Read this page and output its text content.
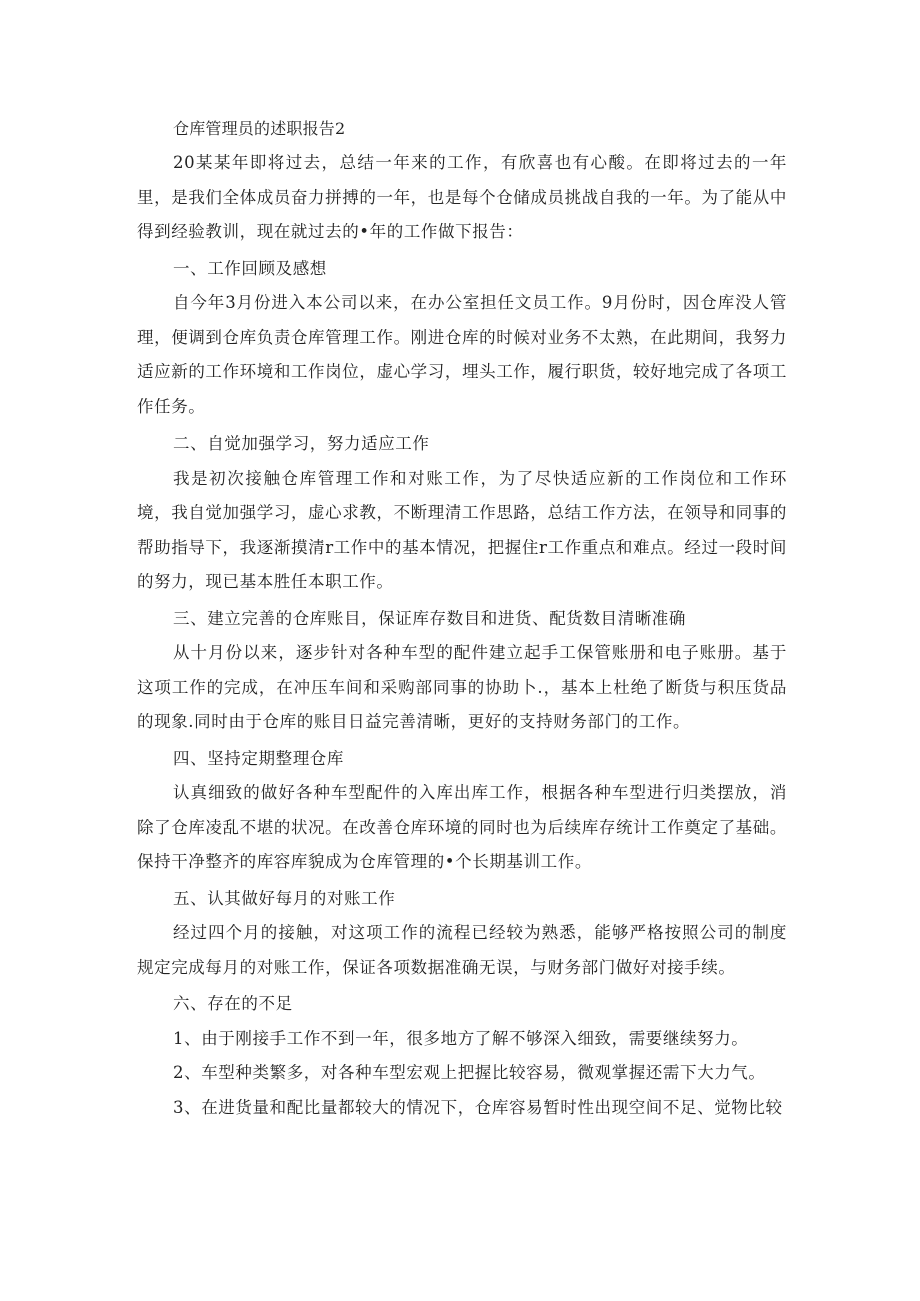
仓库管理员的述职报告2

20某某年即将过去，总结一年来的工作，有欣喜也有心酸。在即将过去的一年里，是我们全体成员奋力拼搏的一年，也是每个仓储成员挑战自我的一年。为了能从中得到经验教训，现在就过去的•年的工作做下报告：

一、工作回顾及感想

自今年3月份进入本公司以来，在办公室担任文员工作。9月份时，因仓库没人管理，便调到仓库负责仓库管理工作。刚进仓库的时候对业务不太熟，在此期间，我努力适应新的工作环境和工作岗位，虚心学习，埋头工作，履行职货，较好地完成了各项工作任务。

二、自觉加强学习，努力适应工作

我是初次接触仓库管理工作和对账工作，为了尽快适应新的工作岗位和工作环境，我自觉加强学习，虚心求教，不断理清工作思路，总结工作方法，在领导和同事的帮助指导下，我逐渐摸清r工作中的基本情况，把握住r工作重点和难点。经过一段时间的努力，现已基本胜任本职工作。

三、建立完善的仓库账目，保证库存数目和进货、配货数目清晰准确

从十月份以来，逐步针对各种车型的配件建立起手工保管账册和电子账册。基于这项工作的完成，在冲压车间和采购部同事的协助卜.，基本上杜绝了断货与积压货品的现象.同时由于仓库的账目日益完善清晰，更好的支持财务部门的工作。

四、坚持定期整理仓库

认真细致的做好各种车型配件的入库出库工作，根据各种车型进行归类摆放，消除了仓库凌乱不堪的状况。在改善仓库环境的同时也为后续库存统计工作奠定了基础。保持干净整齐的库容库貌成为仓库管理的•个长期基训工作。

五、认其做好每月的对账工作

经过四个月的接触，对这项工作的流程已经较为熟悉，能够严格按照公司的制度规定完成每月的对账工作，保证各项数据准确无误，与财务部门做好对接手续。

六、存在的不足

1、由于刚接手工作不到一年，很多地方了解不够深入细致，需要继续努力。

2、车型种类繁多，对各种车型宏观上把握比较容易，微观掌握还需下大力气。

3、在进货量和配比量都较大的情况下，仓库容易暂时性出现空间不足、觉物比较
